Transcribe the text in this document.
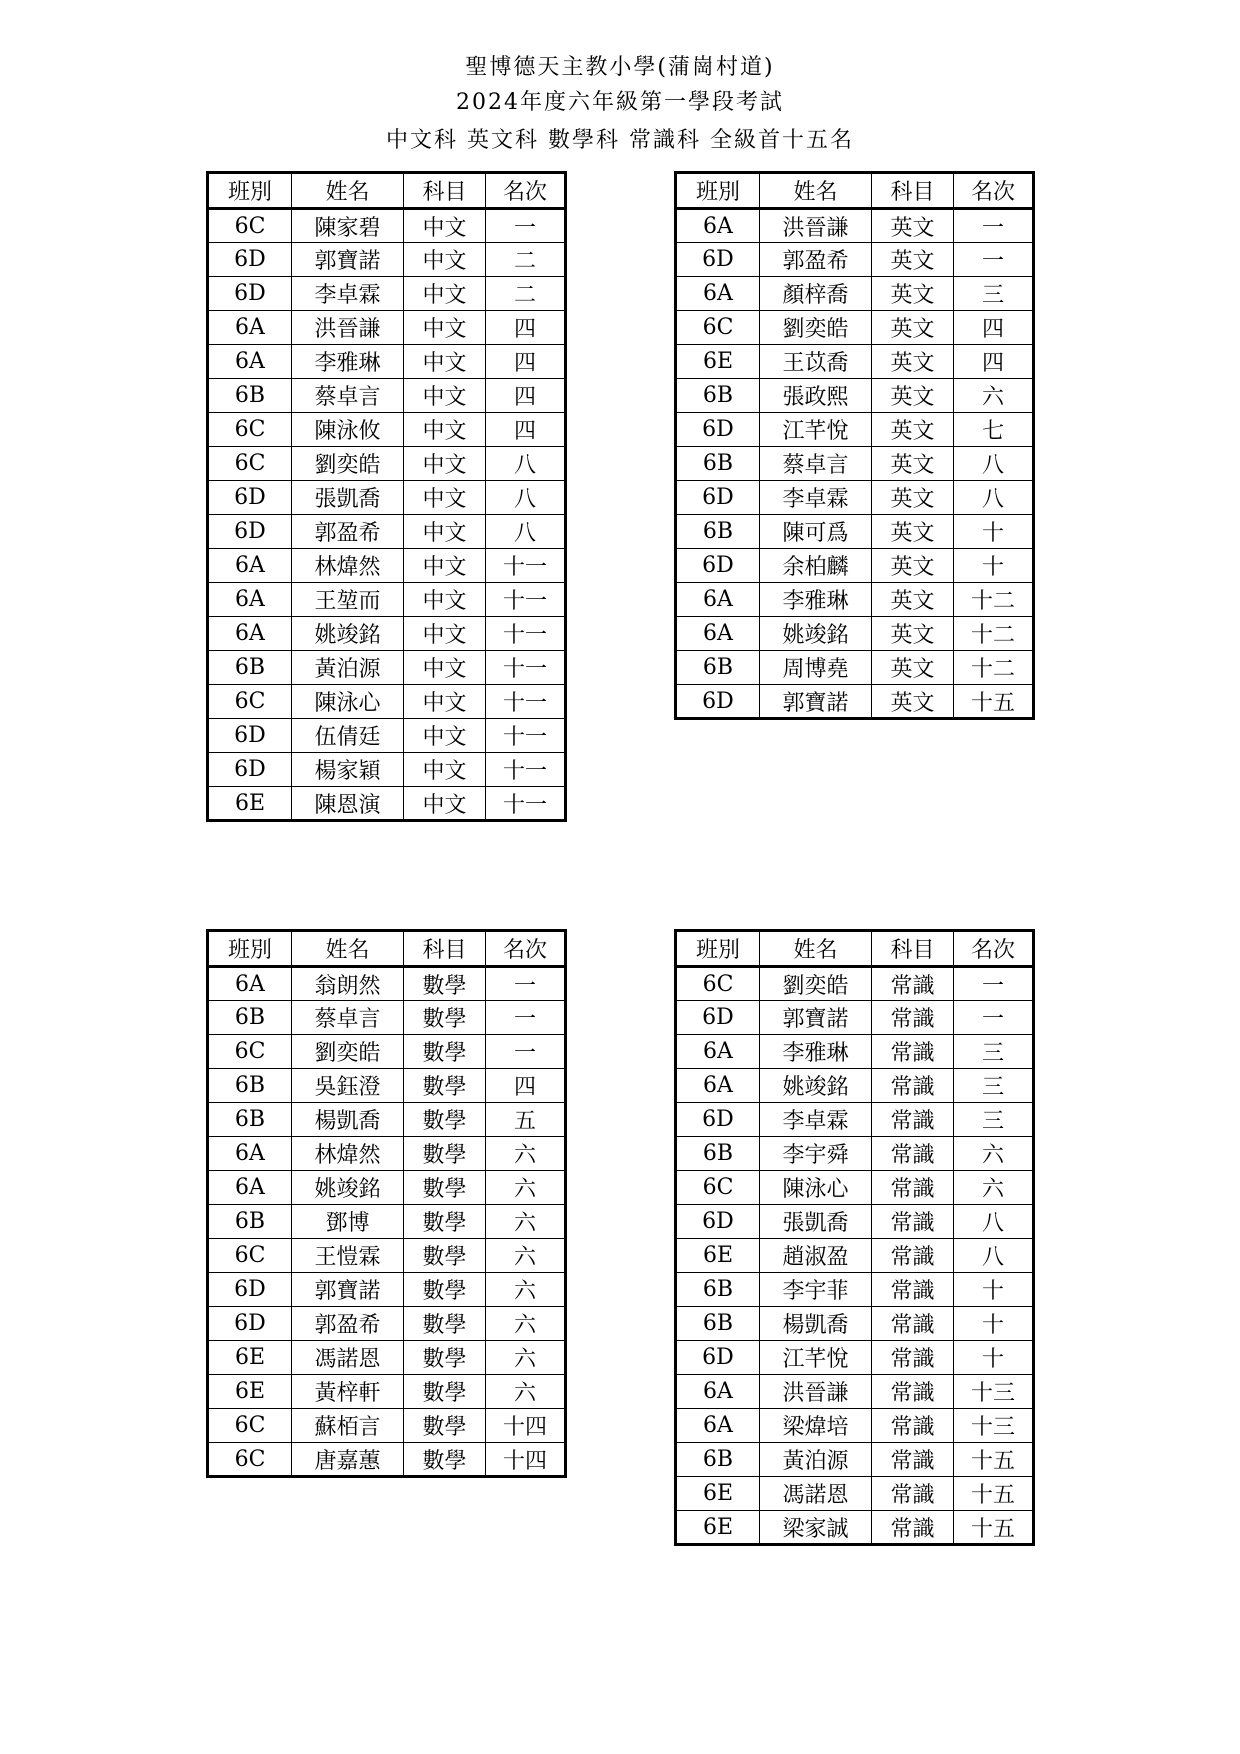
聖博德天主教小學(蒲崗村道)
2024年度六年級第一學段考試
中文科 英文科 數學科 常識科 全級首十五名
班別	姓名	科目	名次
6C	陳家碧	中文	一
6D	郭寶諾	中文	二
6D	李卓霖	中文	二
6A	洪晉謙	中文	四
6A	李雅琳	中文	四
6B	蔡卓言	中文	四
6C	陳泳攸	中文	四
6C	劉奕皓	中文	八
6D	張凱喬	中文	八
6D	郭盈希	中文	八
6A	林煒然	中文	十一
6A	王堃而	中文	十一
6A	姚竣銘	中文	十一
6B	黃泊源	中文	十一
6C	陳泳心	中文	十一
6D	伍倩廷	中文	十一
6D	楊家穎	中文	十一
6E	陳恩演	中文	十一
班別	姓名	科目	名次
6A	洪晉謙	英文	一
6D	郭盈希	英文	一
6A	顏梓喬	英文	三
6C	劉奕皓	英文	四
6E	王苡喬	英文	四
6B	張政熙	英文	六
6D	江芊悅	英文	七
6B	蔡卓言	英文	八
6D	李卓霖	英文	八
6B	陳可爲	英文	十
6D	余柏麟	英文	十
6A	李雅琳	英文	十二
6A	姚竣銘	英文	十二
6B	周博堯	英文	十二
6D	郭寶諾	英文	十五
班別	姓名	科目	名次
6A	翁朗然	數學	一
6B	蔡卓言	數學	一
6C	劉奕皓	數學	一
6B	吳鈺澄	數學	四
6B	楊凱喬	數學	五
6A	林煒然	數學	六
6A	姚竣銘	數學	六
6B	鄧博	數學	六
6C	王愷霖	數學	六
6D	郭寶諾	數學	六
6D	郭盈希	數學	六
6E	馮諾恩	數學	六
6E	黃梓軒	數學	六
6C	蘇栢言	數學	十四
6C	唐嘉蕙	數學	十四
班別	姓名	科目	名次
6C	劉奕皓	常識	一
6D	郭寶諾	常識	一
6A	李雅琳	常識	三
6A	姚竣銘	常識	三
6D	李卓霖	常識	三
6B	李宇舜	常識	六
6C	陳泳心	常識	六
6D	張凱喬	常識	八
6E	趙淑盈	常識	八
6B	李宇菲	常識	十
6B	楊凱喬	常識	十
6D	江芊悅	常識	十
6A	洪晉謙	常識	十三
6A	梁煒培	常識	十三
6B	黃泊源	常識	十五
6E	馮諾恩	常識	十五
6E	梁家誠	常識	十五
